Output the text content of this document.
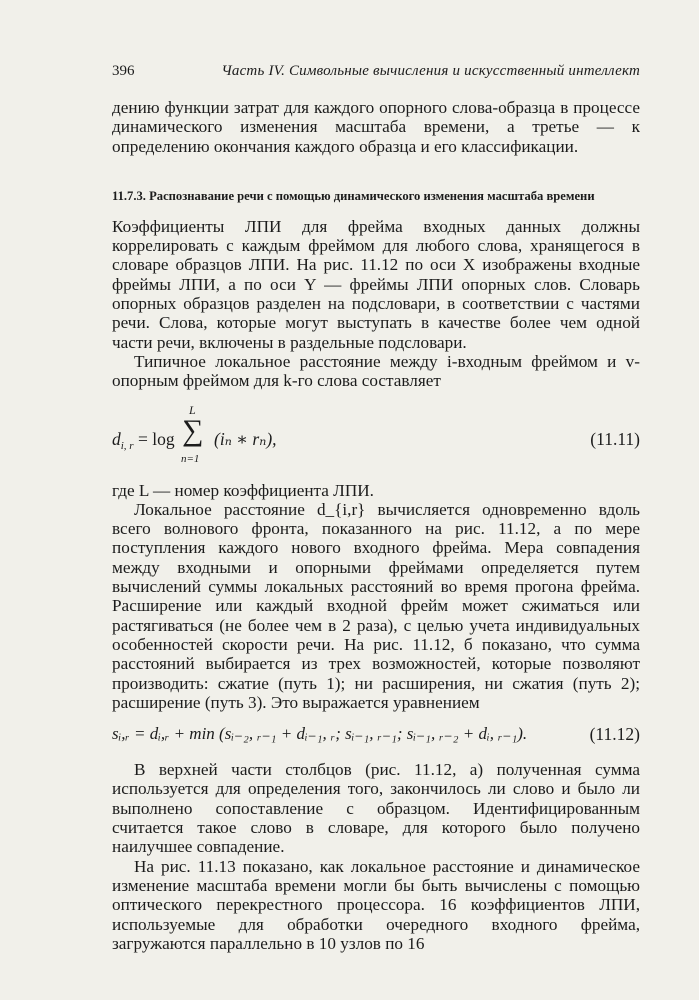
396	Часть IV. Символьные вычисления и искусственный интеллект

дению функции затрат для каждого опорного слова-образца в процессе динамического изменения масштаба времени, а третье — к определению окончания каждого образца и его классификации.

11.7.3. Распознавание речи с помощью динамического изменения масштаба времени

Коэффициенты ЛПИ для фрейма входных данных должны коррелировать с каждым фреймом для любого слова, хранящегося в словаре образцов ЛПИ. На рис. 11.12 по оси X изображены входные фреймы ЛПИ, а по оси Y — фреймы ЛПИ опорных слов. Словарь опорных образцов разделен на подсловари, в соответствии с частями речи. Слова, которые могут выступать в качестве более чем одной части речи, включены в раздельные подсловари.

Типичное локальное расстояние между i-входным фреймом и v-опорным фреймом для k-го слова составляет

$d_{i, r} = \log$
L
∑
n=1
(iₙ ∗ rₙ),	(11.11)

где L — номер коэффициента ЛПИ.

Локальное расстояние d_{i,r} вычисляется одновременно вдоль всего волнового фронта, показанного на рис. 11.12, а по мере поступления каждого нового входного фрейма. Мера совпадения между входными и опорными фреймами определяется путем вычислений суммы локальных расстояний во время прогона фрейма. Расширение или каждый входной фрейм может сжиматься или растягиваться (не более чем в 2 раза), с целью учета индивидуальных особенностей скорости речи. На рис. 11.12, б показано, что сумма расстояний выбирается из трех возможностей, которые позволяют производить: сжатие (путь 1); ни расширения, ни сжатия (путь 2); расширение (путь 3). Это выражается уравнением

sᵢ,ᵣ = dᵢ,ᵣ + min (sᵢ₋₂, ᵣ₋₁ + dᵢ₋₁, ᵣ; sᵢ₋₁, ᵣ₋₁; sᵢ₋₁, ᵣ₋₂ + dᵢ, ᵣ₋₁).	(11.12)

В верхней части столбцов (рис. 11.12, а) полученная сумма используется для определения того, закончилось ли слово и было ли выполнено сопоставление с образцом. Идентифицированным считается такое слово в словаре, для которого было получено наилучшее совпадение.

На рис. 11.13 показано, как локальное расстояние и динамическое изменение масштаба времени могли бы быть вычислены с помощью оптического перекрестного процессора. 16 коэффициентов ЛПИ, используемые для обработки очередного входного фрейма, загружаются параллельно в 10 узлов по 16
